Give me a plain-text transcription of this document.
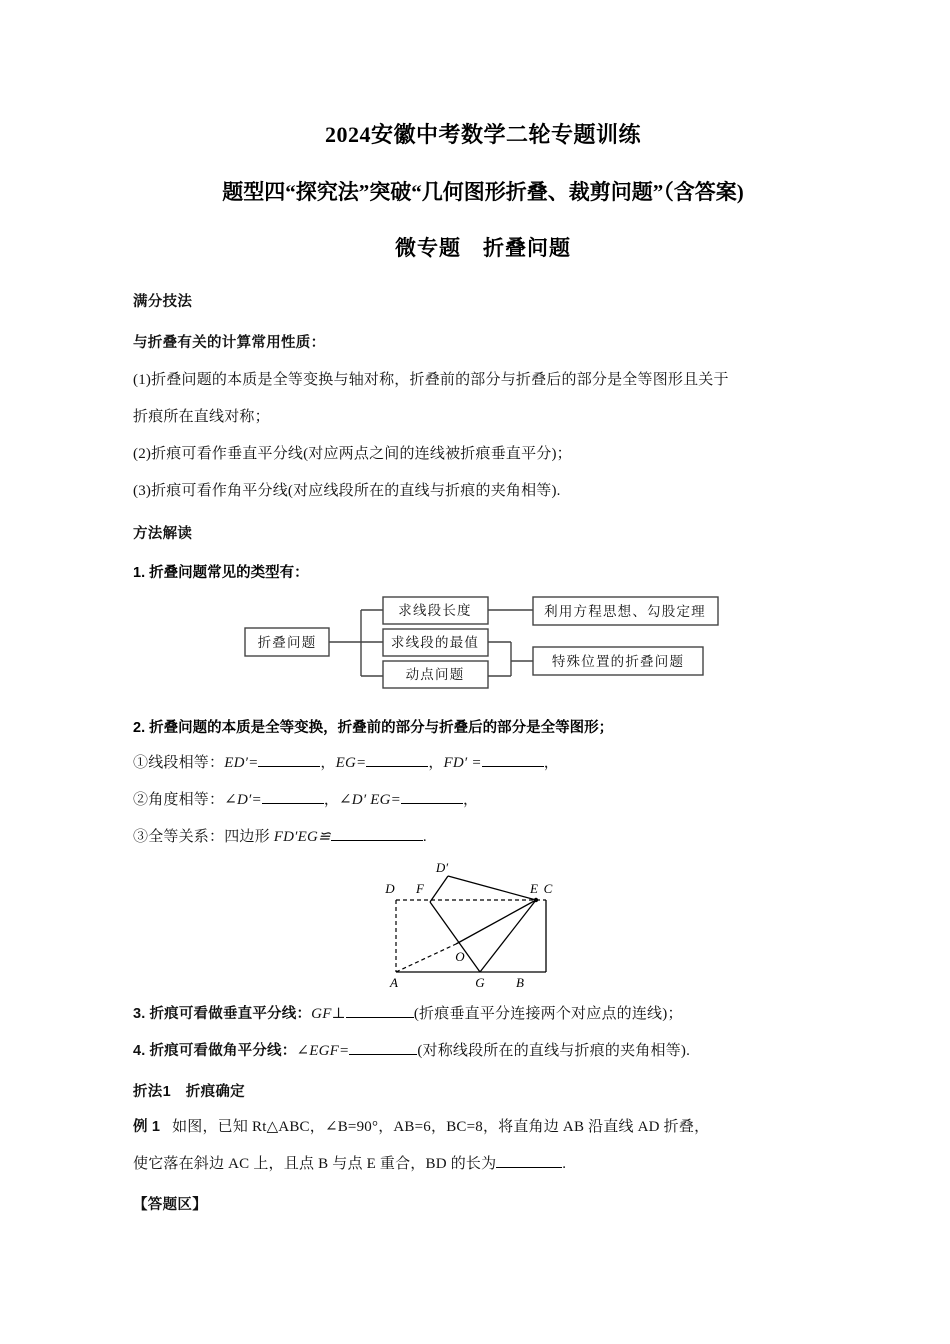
2024安徽中考数学二轮专题训练
题型四“探究法”突破“几何图形折叠、裁剪问题”（含答案)
微专题　折叠问题
满分技法
与折叠有关的计算常用性质：
(1)折叠问题的本质是全等变换与轴对称，折叠前的部分与折叠后的部分是全等图形且关于
折痕所在直线对称；
(2)折痕可看作垂直平分线(对应两点之间的连线被折痕垂直平分)；
(3)折痕可看作角平分线(对应线段所在的直线与折痕的夹角相等).
方法解读
1. 折叠问题常见的类型有：
折叠问题
求线段长度
求线段的最值
动点问题
利用方程思想、勾股定理
特殊位置的折叠问题
2. 折叠问题的本质是全等变换，折叠前的部分与折叠后的部分是全等图形；
①线段相等：ED′=	，EG=	，FD′ =	，
②角度相等：∠D′=	，∠D′ EG=	，
③全等关系：四边形 FD′EG≌	.
D′
D F	E C
O
A	G B
3. 折痕可看做垂直平分线：GF⊥	(折痕垂直平分连接两个对应点的连线)；
4. 折痕可看做角平分线：∠EGF=	(对称线段所在的直线与折痕的夹角相等).
折法1　折痕确定
例 1 如图，已知 Rt△ABC，∠B=90°，AB=6，BC=8，将直角边 AB 沿直线 AD 折叠，
使它落在斜边 AC 上，且点 B 与点 E 重合，BD 的长为	.
【答题区】
